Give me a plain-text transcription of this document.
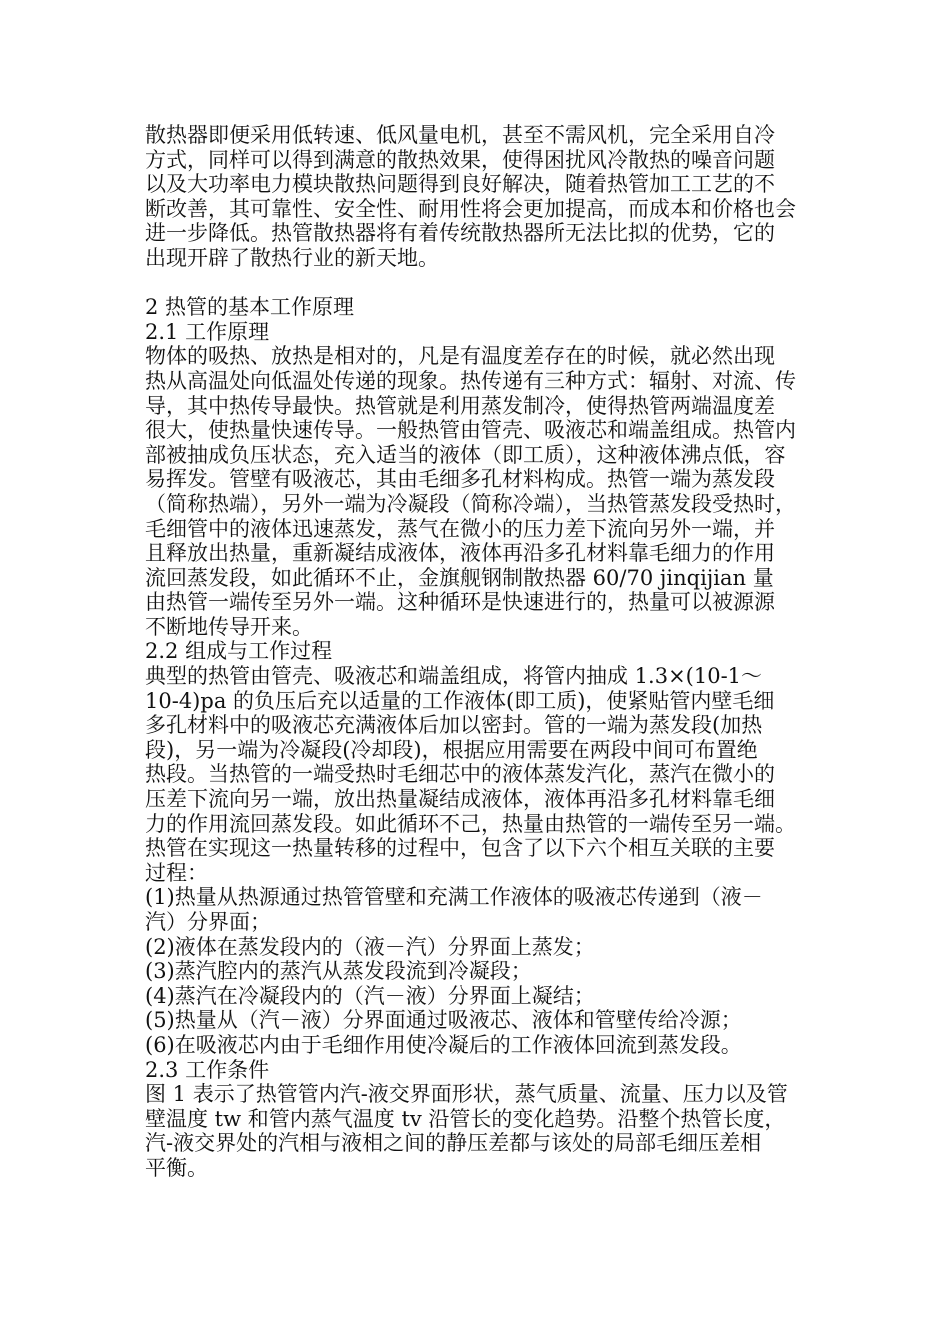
散热器即便采用低转速、低风量电机，甚至不需风机，完全采用自冷
方式，同样可以得到满意的散热效果，使得困扰风冷散热的噪音问题
以及大功率电力模块散热问题得到良好解决，随着热管加工工艺的不
断改善，其可靠性、安全性、耐用性将会更加提高，而成本和价格也会
进一步降低。热管散热器将有着传统散热器所无法比拟的优势，它的
出现开辟了散热行业的新天地。
2 热管的基本工作原理
2.1 工作原理
物体的吸热、放热是相对的，凡是有温度差存在的时候，就必然出现
热从高温处向低温处传递的现象。热传递有三种方式：辐射、对流、传
导，其中热传导最快。热管就是利用蒸发制冷，使得热管两端温度差
很大，使热量快速传导。一般热管由管壳、吸液芯和端盖组成。热管内
部被抽成负压状态，充入适当的液体（即工质），这种液体沸点低，容
易挥发。管壁有吸液芯，其由毛细多孔材料构成。热管一端为蒸发段
（简称热端），另外一端为冷凝段（简称冷端），当热管蒸发段受热时，
毛细管中的液体迅速蒸发，蒸气在微小的压力差下流向另外一端，并
且释放出热量，重新凝结成液体，液体再沿多孔材料靠毛细力的作用
流回蒸发段，如此循环不止，金旗舰钢制散热器 60/70 jinqijian 量
由热管一端传至另外一端。这种循环是快速进行的，热量可以被源源
不断地传导开来。
2.2 组成与工作过程
典型的热管由管壳、吸液芯和端盖组成，将管内抽成 1.3×(10-1～
10-4)pa 的负压后充以适量的工作液体(即工质)，使紧贴管内壁毛细
多孔材料中的吸液芯充满液体后加以密封。管的一端为蒸发段(加热
段)，另一端为冷凝段(冷却段)，根据应用需要在两段中间可布置绝
热段。当热管的一端受热时毛细芯中的液体蒸发汽化，蒸汽在微小的
压差下流向另一端，放出热量凝结成液体，液体再沿多孔材料靠毛细
力的作用流回蒸发段。如此循环不己，热量由热管的一端传至另一端。
热管在实现这一热量转移的过程中，包含了以下六个相互关联的主要
过程：
(1)热量从热源通过热管管壁和充满工作液体的吸液芯传递到（液－
汽）分界面；
(2)液体在蒸发段内的（液－汽）分界面上蒸发；
(3)蒸汽腔内的蒸汽从蒸发段流到冷凝段；
(4)蒸汽在冷凝段内的（汽－液）分界面上凝结；
(5)热量从（汽－液）分界面通过吸液芯、液体和管壁传给冷源；
(6)在吸液芯内由于毛细作用使冷凝后的工作液体回流到蒸发段。
2.3 工作条件
图 1 表示了热管管内汽-液交界面形状，蒸气质量、流量、压力以及管
壁温度 tw 和管内蒸气温度 tv 沿管长的变化趋势。沿整个热管长度，
汽-液交界处的汽相与液相之间的静压差都与该处的局部毛细压差相
平衡。
